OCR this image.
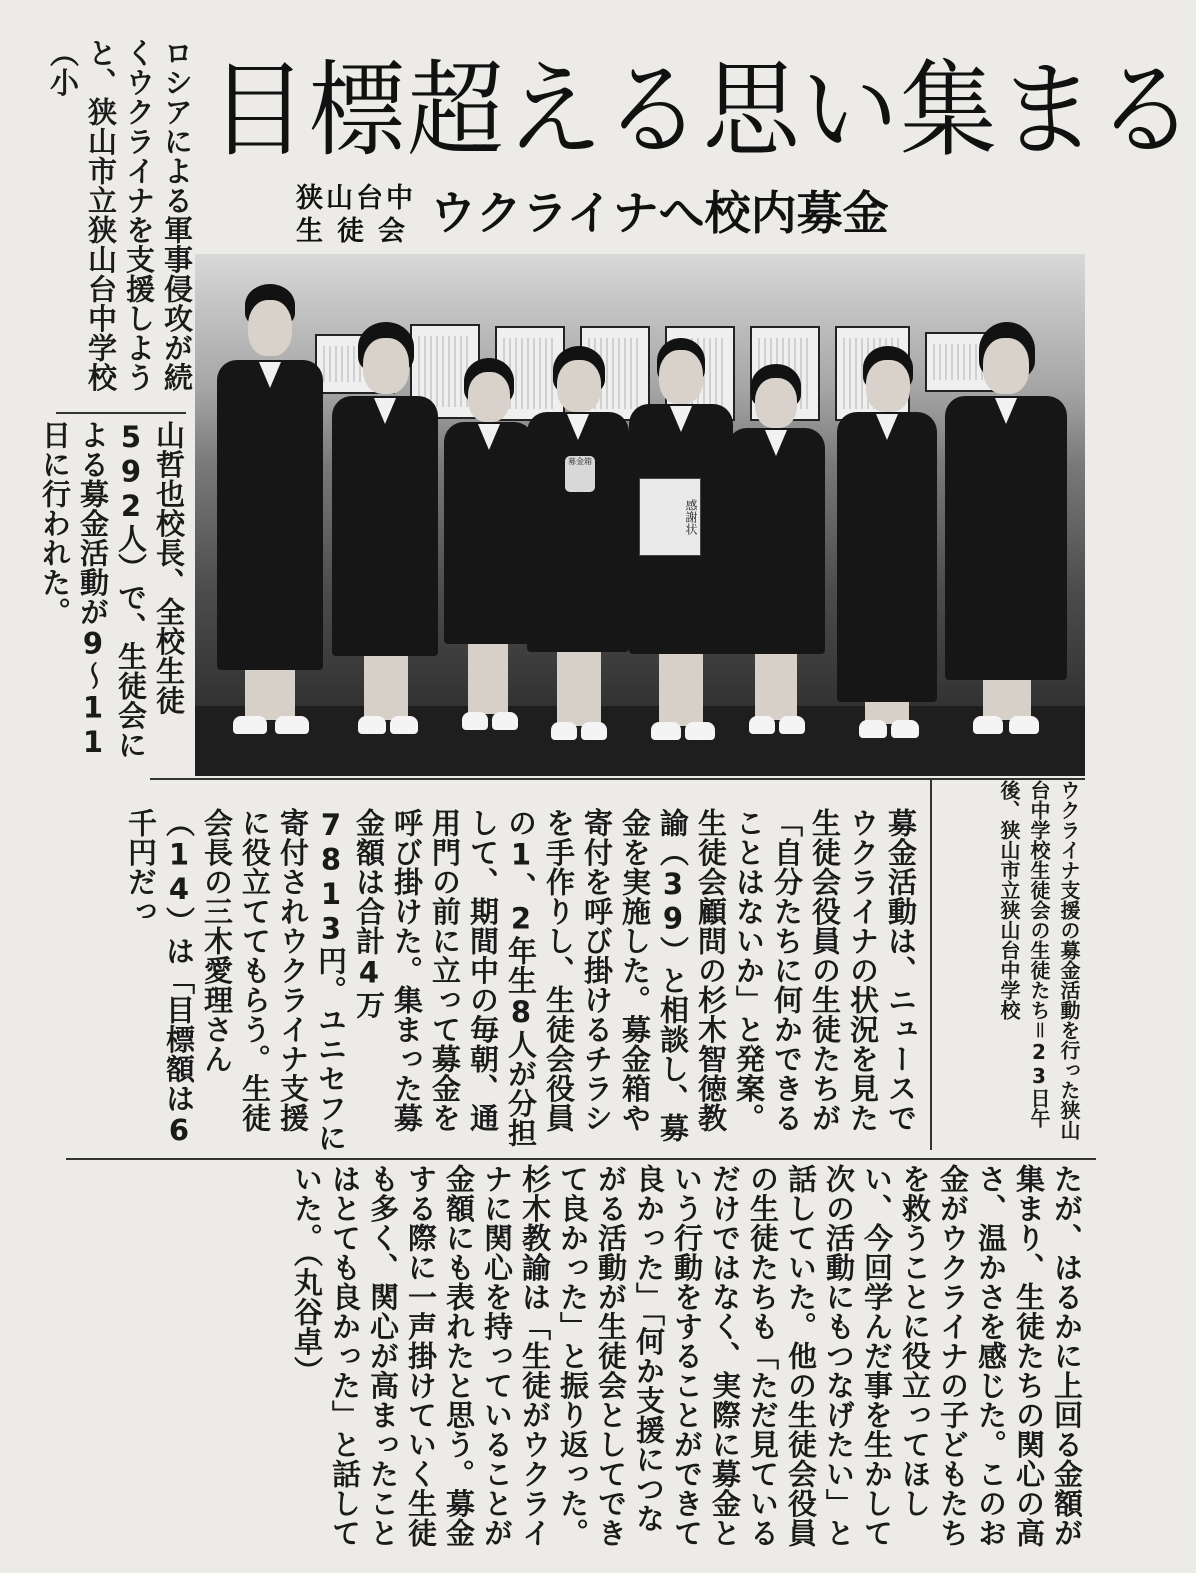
目標超える思い集まる
狭山台中
生徒会 ウクライナへ校内募金
ロシアによる軍事侵攻が続くウクライナを支援しようと、狭山市立狭山台中学校（小
山哲也校長、全校生徒592人）で、生徒会による募金活動が9〜11日に行われた。	募金箱
感謝状
ウクライナ支援の募金活動を行った狭山台中学校生徒会の生徒たち＝23日午後、狭山市立狭山台中学校
募金活動は、ニュースでウクライナの状況を見た生徒会役員の生徒たちが「自分たちに何かできることはないか」と発案。生徒会顧問の杉木智徳教諭（39）と相談し、募金を実施した。募金箱や寄付を呼び掛けるチラシを手作りし、生徒会役員の1、2年生8人が分担して、期間中の毎朝、通用門の前に立って募金を呼び掛けた。集まった募金額は合計4万7813円。ユニセフに寄付されウクライナ支援に役立ててもらう。生徒会長の三木愛理さん（14）は「目標額は6千円だっ
たが、はるかに上回る金額が集まり、生徒たちの関心の高さ、温かさを感じた。このお金がウクライナの子どもたちを救うことに役立ってほしい、今回学んだ事を生かして次の活動にもつなげたい」と話していた。他の生徒会役員の生徒たちも「ただ見ているだけではなく、実際に募金という行動をすることができて良かった」「何か支援につながる活動が生徒会としてできて良かった」と振り返った。杉木教諭は「生徒がウクライナに関心を持っていることが金額にも表れたと思う。募金する際に一声掛けていく生徒も多く、関心が高まったことはとても良かった」と話していた。（丸谷卓）
